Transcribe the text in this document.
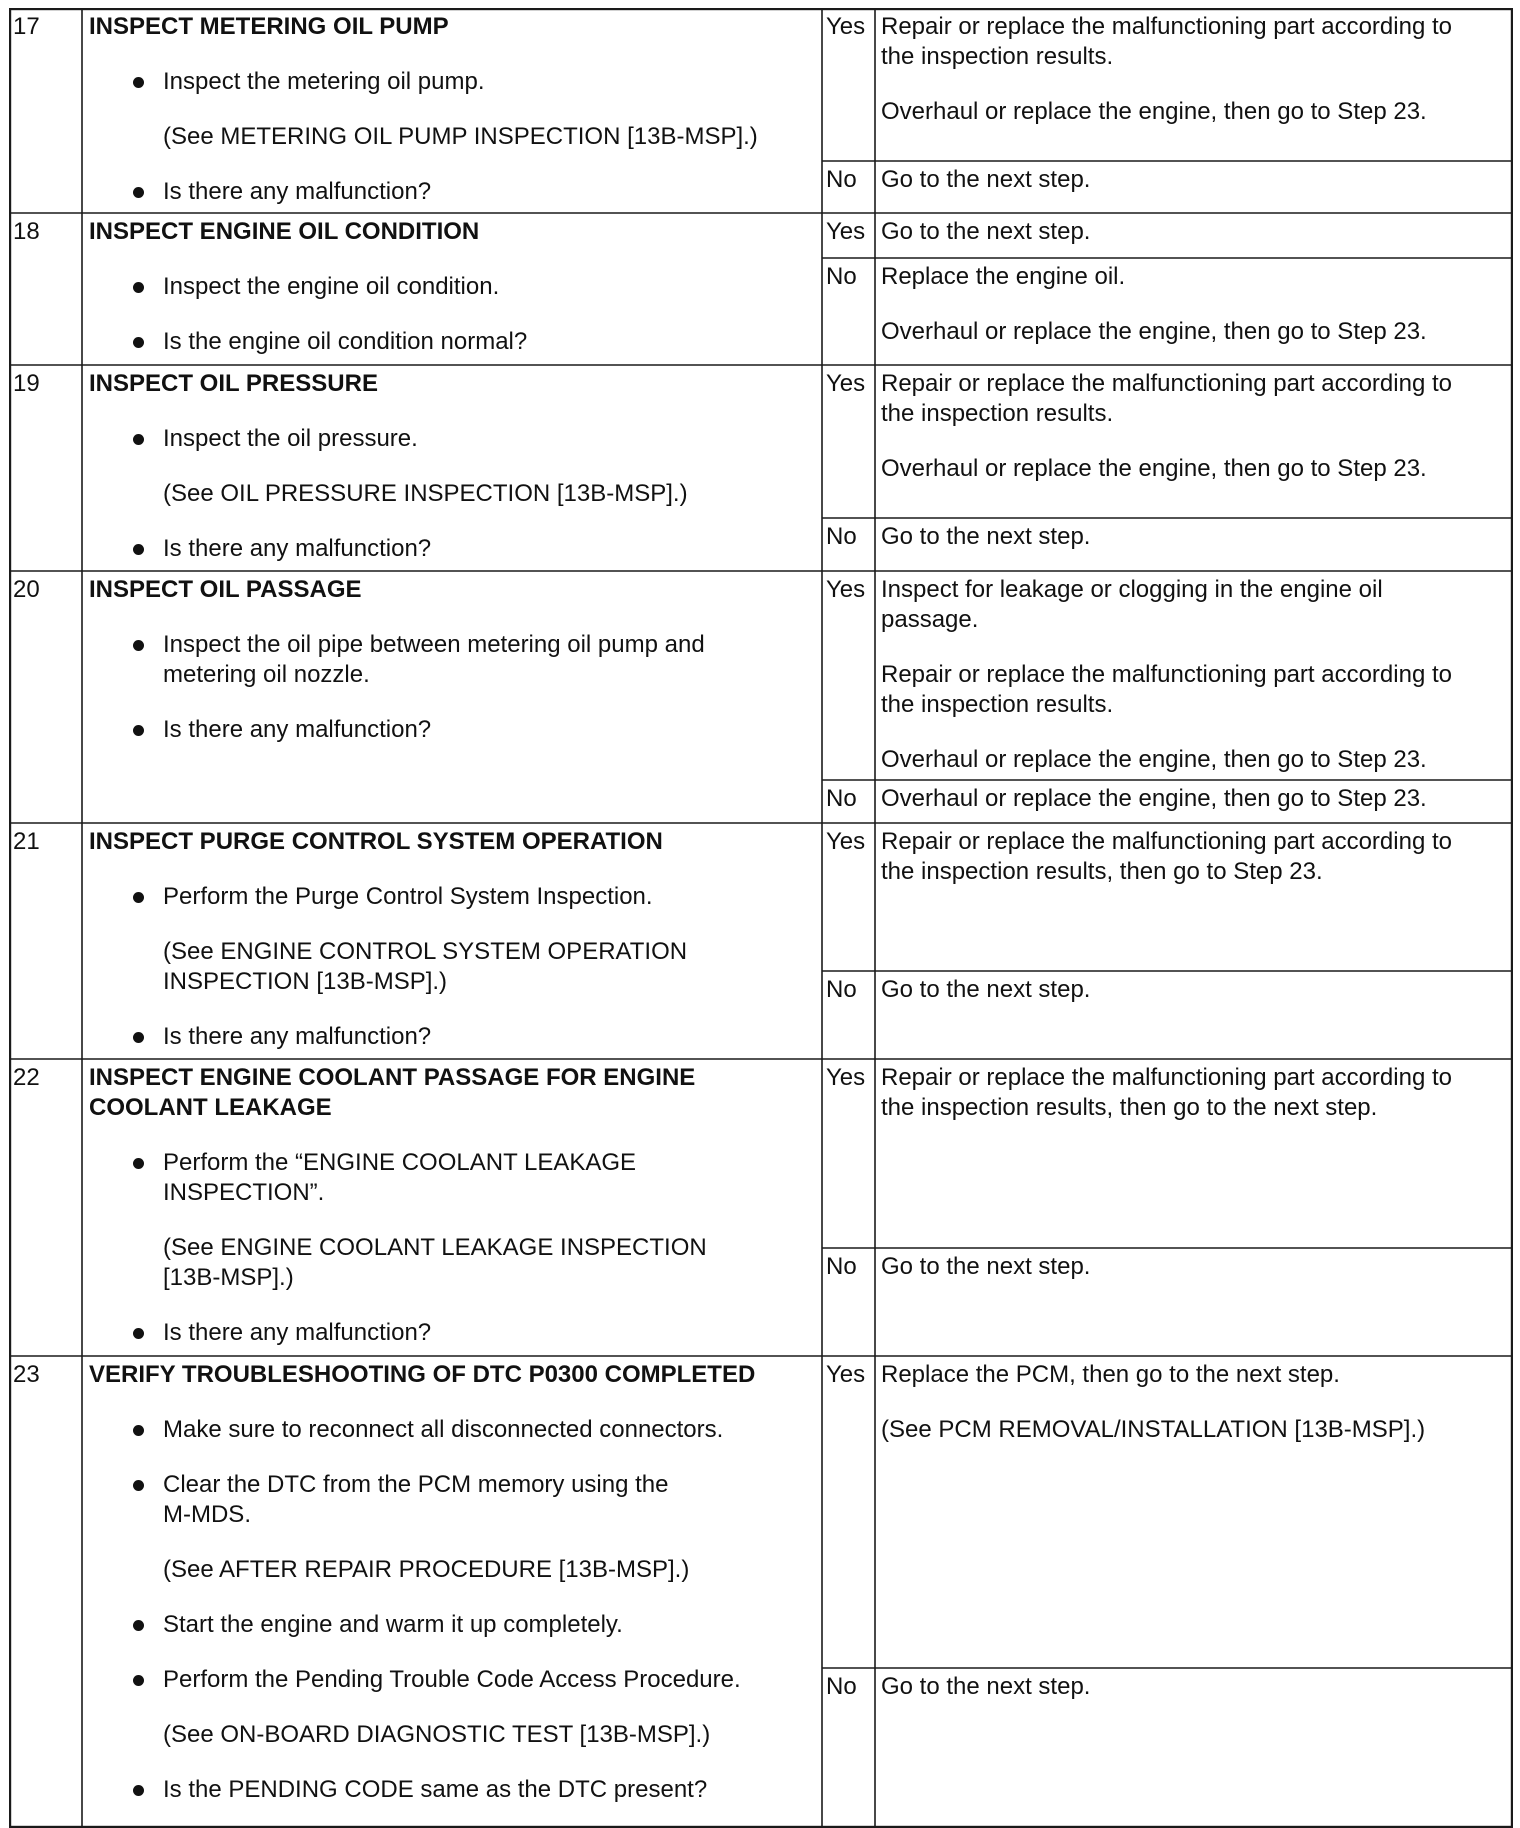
17 INSPECT METERING OIL PUMP
Inspect the metering oil pump.
(See METERING OIL PUMP INSPECTION [13B-MSP].)
Is there any malfunction?
Yes Repair or replace the malfunctioning part according to
the inspection results.
Overhaul or replace the engine, then go to Step 23.
No Go to the next step.
18 INSPECT ENGINE OIL CONDITION
Inspect the engine oil condition.
Is the engine oil condition normal?
Yes Go to the next step.
No Replace the engine oil.
Overhaul or replace the engine, then go to Step 23.
19 INSPECT OIL PRESSURE
Inspect the oil pressure.
(See OIL PRESSURE INSPECTION [13B-MSP].)
Is there any malfunction?
Yes Repair or replace the malfunctioning part according to
the inspection results.
Overhaul or replace the engine, then go to Step 23.
No Go to the next step.
20 INSPECT OIL PASSAGE
Inspect the oil pipe between metering oil pump and
metering oil nozzle.
Is there any malfunction?
Yes Inspect for leakage or clogging in the engine oil
passage.
Repair or replace the malfunctioning part according to
the inspection results.
Overhaul or replace the engine, then go to Step 23.
No Overhaul or replace the engine, then go to Step 23.
21 INSPECT PURGE CONTROL SYSTEM OPERATION
Perform the Purge Control System Inspection.
(See ENGINE CONTROL SYSTEM OPERATION
INSPECTION [13B-MSP].)
Is there any malfunction?
Yes Repair or replace the malfunctioning part according to
the inspection results, then go to Step 23.
No Go to the next step.
22 INSPECT ENGINE COOLANT PASSAGE FOR ENGINE
COOLANT LEAKAGE
Perform the “ENGINE COOLANT LEAKAGE
INSPECTION”.
(See ENGINE COOLANT LEAKAGE INSPECTION
[13B-MSP].)
Is there any malfunction?
Yes Repair or replace the malfunctioning part according to
the inspection results, then go to the next step.
No Go to the next step.
23 VERIFY TROUBLESHOOTING OF DTC P0300 COMPLETED
Make sure to reconnect all disconnected connectors.
Clear the DTC from the PCM memory using the
M-MDS.
(See AFTER REPAIR PROCEDURE [13B-MSP].)
Start the engine and warm it up completely.
Perform the Pending Trouble Code Access Procedure.
(See ON-BOARD DIAGNOSTIC TEST [13B-MSP].)
Is the PENDING CODE same as the DTC present?
Yes Replace the PCM, then go to the next step.
(See PCM REMOVAL/INSTALLATION [13B-MSP].)
No Go to the next step.
